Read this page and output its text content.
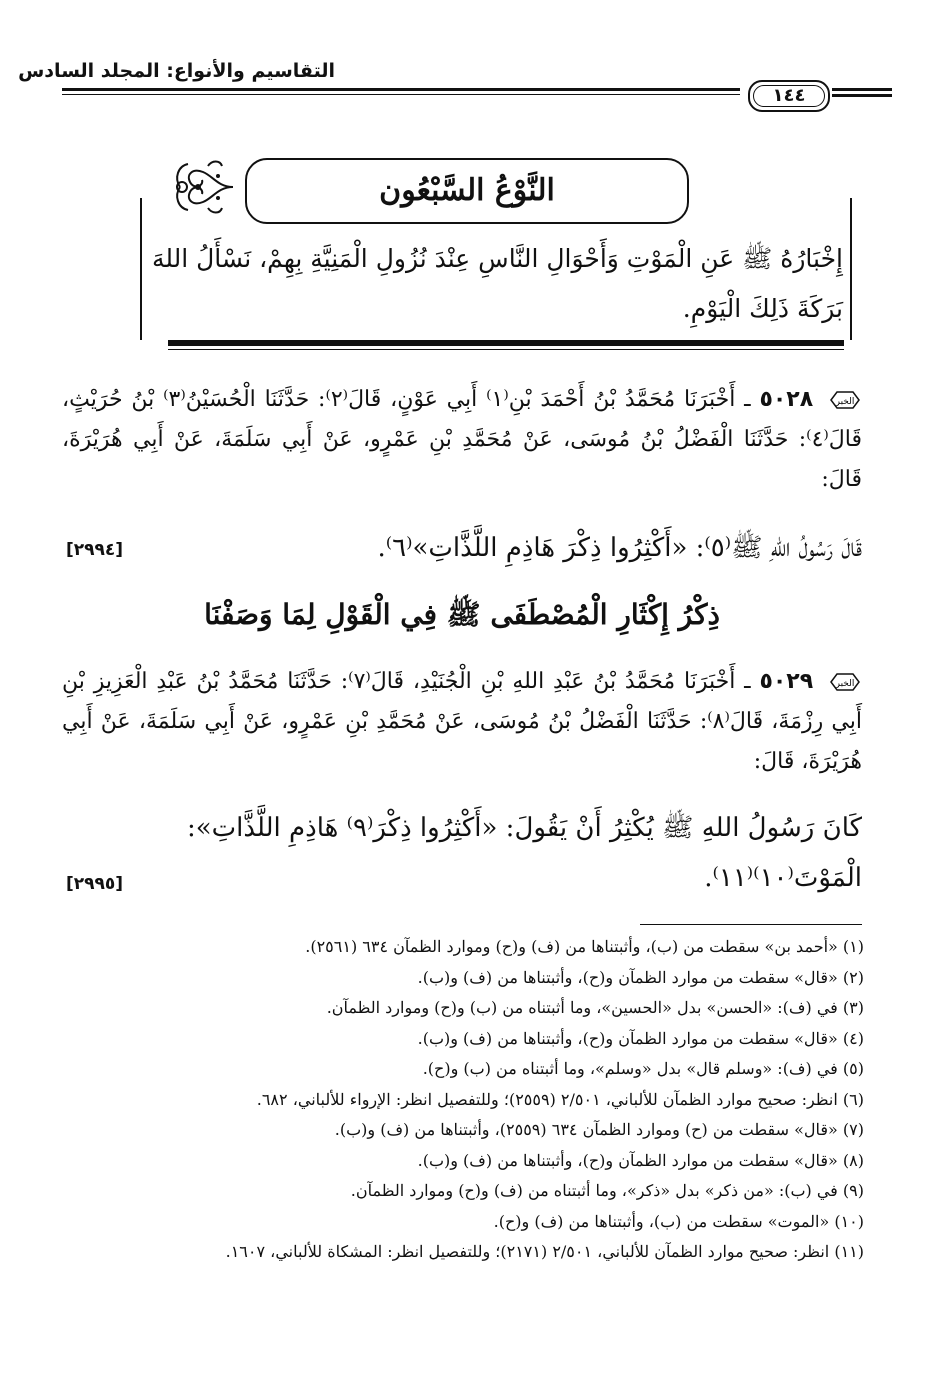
التقاسيم والأنواع: المجلد السادس
١٤٤
النَّوْعُ السَّبْعُون
إِخْبَارُهُ ﷺ عَنِ الْمَوْتِ وَأَحْوَالِ النَّاسِ عِنْدَ نُزُولِ الْمَنِيَّةِ بِهِمْ، نَسْأَلُ اللهَ بَرَكَةَ ذَلِكَ الْيَوْمِ.
الخبر
٥٠٢٨ ـ أَخْبَرَنَا مُحَمَّدُ بْنُ أَحْمَدَ بْنِ⁽١⁾ أَبِي عَوْنٍ، قَالَ⁽٢⁾: حَدَّثَنَا الْحُسَيْنُ⁽٣⁾ بْنُ حُرَيْثٍ، قَالَ⁽٤⁾: حَدَّثَنَا الْفَضْلُ بْنُ مُوسَى، عَنْ مُحَمَّدِ بْنِ عَمْرٍو، عَنْ أَبِي سَلَمَةَ، عَنْ أَبِي هُرَيْرَةَ، قَالَ:
قَالَ رَسُولُ اللهِ ﷺ⁽٥⁾: «أَكْثِرُوا ذِكْرَ هَاذِمِ اللَّذَّاتِ»⁽٦⁾.
[٢٩٩٤]
ذِكْرُ إِكْثَارِ الْمُصْطَفَى ﷺ فِي الْقَوْلِ لِمَا وَصَفْنَا
الخبر
٥٠٢٩ ـ أَخْبَرَنَا مُحَمَّدُ بْنُ عَبْدِ اللهِ بْنِ الْجُنَيْدِ، قَالَ⁽٧⁾: حَدَّثَنَا مُحَمَّدُ بْنُ عَبْدِ الْعَزِيزِ بْنِ أَبِي رِزْمَةَ، قَالَ⁽٨⁾: حَدَّثَنَا الْفَضْلُ بْنُ مُوسَى، عَنْ مُحَمَّدِ بْنِ عَمْرٍو، عَنْ أَبِي سَلَمَةَ، عَنْ أَبِي هُرَيْرَةَ، قَالَ:
كَانَ رَسُولُ اللهِ ﷺ يُكْثِرُ أَنْ يَقُولَ: «أَكْثِرُوا ذِكْرَ⁽٩⁾ هَاذِمِ اللَّذَّاتِ»:
الْمَوْتَ⁽١٠⁾⁽١١⁾.
[٢٩٩٥]
(١) «أحمد بن» سقطت من (ب)، وأثبتناها من (ف) و(ح) وموارد الظمآن ٦٣٤ (٢٥٦١).
(٢) «قال» سقطت من موارد الظمآن و(ح)، وأثبتناها من (ف) و(ب).
(٣) في (ف): «الحسن» بدل «الحسين»، وما أثبتناه من (ب) و(ح) وموارد الظمآن.
(٤) «قال» سقطت من موارد الظمآن و(ح)، وأثبتناها من (ف) و(ب).
(٥) في (ف): «وسلم قال» بدل «وسلم»، وما أثبتناه من (ب) و(ح).
(٦) انظر: صحيح موارد الظمآن للألباني، ٢/٥٠١ (٢٥٥٩)؛ وللتفصيل انظر: الإرواء للألباني، ٦٨٢.
(٧) «قال» سقطت من (ح) وموارد الظمآن ٦٣٤ (٢٥٥٩)، وأثبتناها من (ف) و(ب).
(٨) «قال» سقطت من موارد الظمآن و(ح)، وأثبتناها من (ف) و(ب).
(٩) في (ب): «من ذكر» بدل «ذكر»، وما أثبتناه من (ف) و(ح) وموارد الظمآن.
(١٠) «الموت» سقطت من (ب)، وأثبتناها من (ف) و(ح).
(١١) انظر: صحيح موارد الظمآن للألباني، ٢/٥٠١ (٢١٧١)؛ وللتفصيل انظر: المشكاة للألباني، ١٦٠٧.
